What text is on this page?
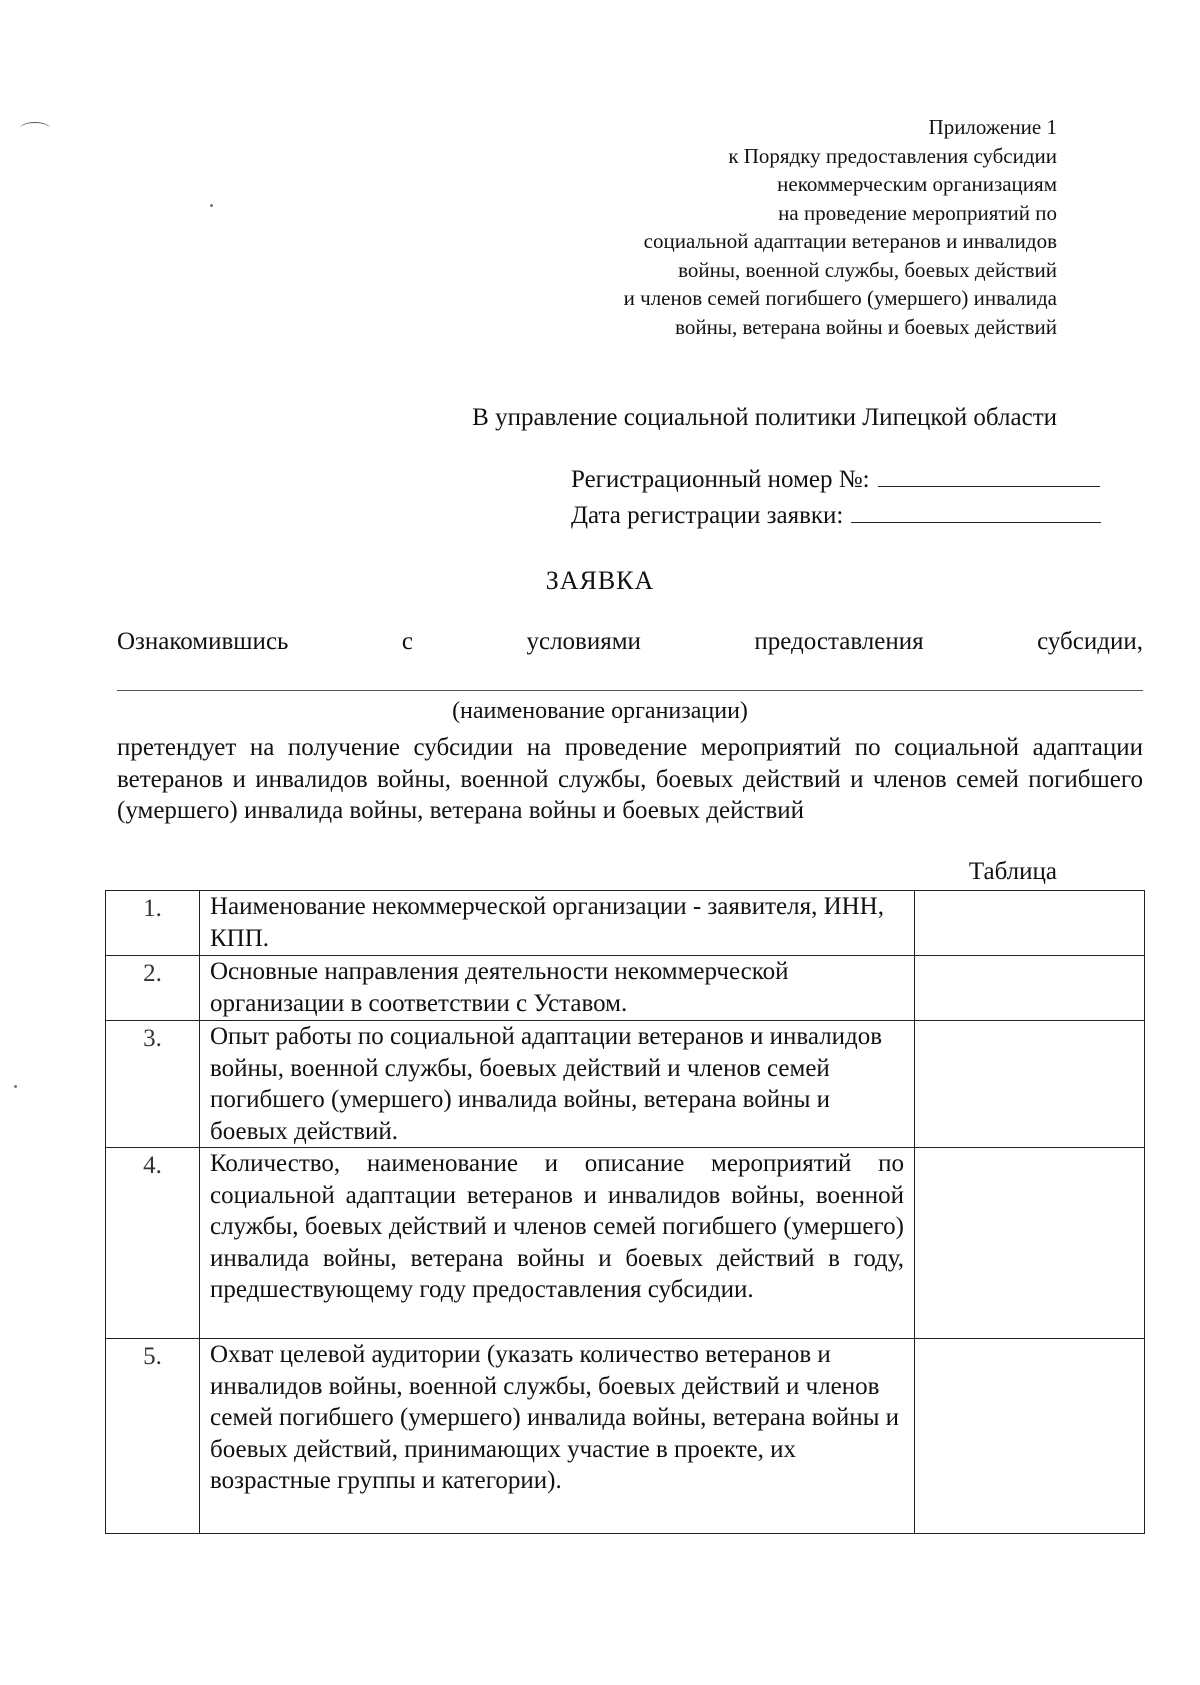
Приложение 1
к Порядку предоставления субсидии
некоммерческим организациям
на проведение мероприятий по
социальной адаптации ветеранов и инвалидов
войны, военной службы, боевых действий
и членов семей погибшего (умершего) инвалида
войны, ветерана войны и боевых действий
В управление социальной политики Липецкой области
Регистрационный номер №:
Дата регистрации заявки:
ЗАЯВКА
Ознакомившись	с	условиями	предоставления	субсидии,
(наименование организации)
претендует на получение субсидии на проведение мероприятий по социальной адаптации ветеранов и инвалидов войны, военной службы, боевых действий и членов семей погибшего (умершего) инвалида войны, ветерана войны и боевых действий
Таблица
1.	Наименование некоммерческой организации - заявителя, ИНН, КПП.	
2.	Основные направления деятельности некоммерческой организации в соответствии с Уставом.	
3.	Опыт работы по социальной адаптации ветеранов и инвалидов войны, военной службы, боевых действий и членов семей погибшего (умершего) инвалида войны, ветерана войны и боевых действий.	
4.	Количество, наименование и описание мероприятий по социальной адаптации ветеранов и инвалидов войны, военной службы, боевых действий и членов семей погибшего (умершего) инвалида войны, ветерана войны и боевых действий в году, предшествующему году предоставления субсидии.	
5.	Охват целевой аудитории (указать количество ветеранов и инвалидов войны, военной службы, боевых действий и членов семей погибшего (умершего) инвалида войны, ветерана войны и боевых действий, принимающих участие в проекте, их возрастные группы и категории).	
